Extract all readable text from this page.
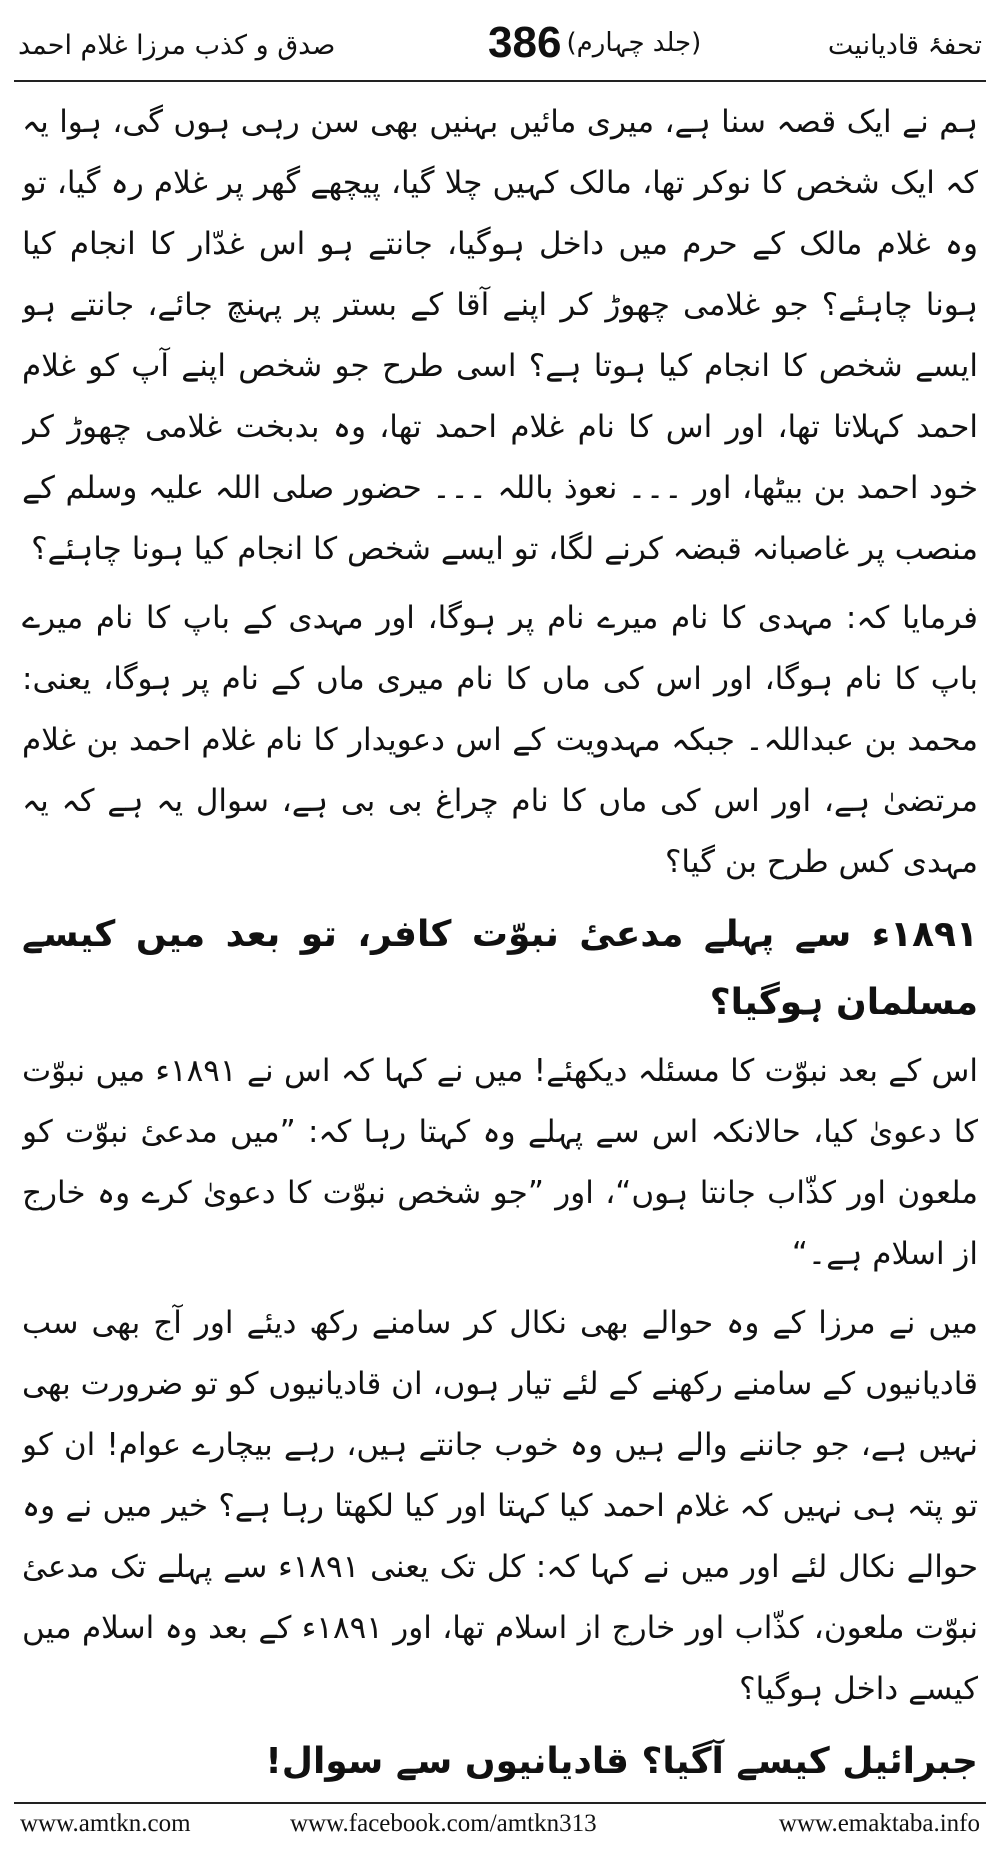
تحفۂ قادیانیت
(جلد چہارم) 386
صدق و کذب مرزا غلام احمد

ہم نے ایک قصہ سنا ہے، میری مائیں بہنیں بھی سن رہی ہوں گی، ہوا یہ کہ ایک شخص کا نوکر تھا، مالک کہیں چلا گیا، پیچھے گھر پر غلام رہ گیا، تو وہ غلام مالک کے حرم میں داخل ہوگیا، جانتے ہو اس غدّار کا انجام کیا ہونا چاہئے؟ جو غلامی چھوڑ کر اپنے آقا کے بستر پر پہنچ جائے، جانتے ہو ایسے شخص کا انجام کیا ہوتا ہے؟ اسی طرح جو شخص اپنے آپ کو غلام احمد کہلاتا تھا، اور اس کا نام غلام احمد تھا، وہ بدبخت غلامی چھوڑ کر خود احمد بن بیٹھا، اور ۔۔۔ نعوذ باللہ ۔۔۔ حضور صلی اللہ علیہ وسلم کے منصب پر غاصبانہ قبضہ کرنے لگا، تو ایسے شخص کا انجام کیا ہونا چاہئے؟

فرمایا کہ: مہدی کا نام میرے نام پر ہوگا، اور مہدی کے باپ کا نام میرے باپ کا نام ہوگا، اور اس کی ماں کا نام میری ماں کے نام پر ہوگا، یعنی: محمد بن عبداللہ۔ جبکہ مہدویت کے اس دعویدار کا نام غلام احمد بن غلام مرتضیٰ ہے، اور اس کی ماں کا نام چراغ بی بی ہے، سوال یہ ہے کہ یہ مہدی کس طرح بن گیا؟

۱۸۹۱ء سے پہلے مدعیٔ نبوّت کافر، تو بعد میں کیسے مسلمان ہوگیا؟

اس کے بعد نبوّت کا مسئلہ دیکھئے! میں نے کہا کہ اس نے ۱۸۹۱ء میں نبوّت کا دعویٰ کیا، حالانکہ اس سے پہلے وہ کہتا رہا کہ: ”میں مدعیٔ نبوّت کو ملعون اور کذّاب جانتا ہوں“، اور ”جو شخص نبوّت کا دعویٰ کرے وہ خارج از اسلام ہے۔“

میں نے مرزا کے وہ حوالے بھی نکال کر سامنے رکھ دیئے اور آج بھی سب قادیانیوں کے سامنے رکھنے کے لئے تیار ہوں، ان قادیانیوں کو تو ضرورت بھی نہیں ہے، جو جاننے والے ہیں وہ خوب جانتے ہیں، رہے بیچارے عوام! ان کو تو پتہ ہی نہیں کہ غلام احمد کیا کہتا اور کیا لکھتا رہا ہے؟ خیر میں نے وہ حوالے نکال لئے اور میں نے کہا کہ: کل تک یعنی ۱۸۹۱ء سے پہلے تک مدعیٔ نبوّت ملعون، کذّاب اور خارج از اسلام تھا، اور ۱۸۹۱ء کے بعد وہ اسلام میں کیسے داخل ہوگیا؟

جبرائیل کیسے آگیا؟ قادیانیوں سے سوال!
www.amtkn.com	www.facebook.com/amtkn313	www.emaktaba.info
